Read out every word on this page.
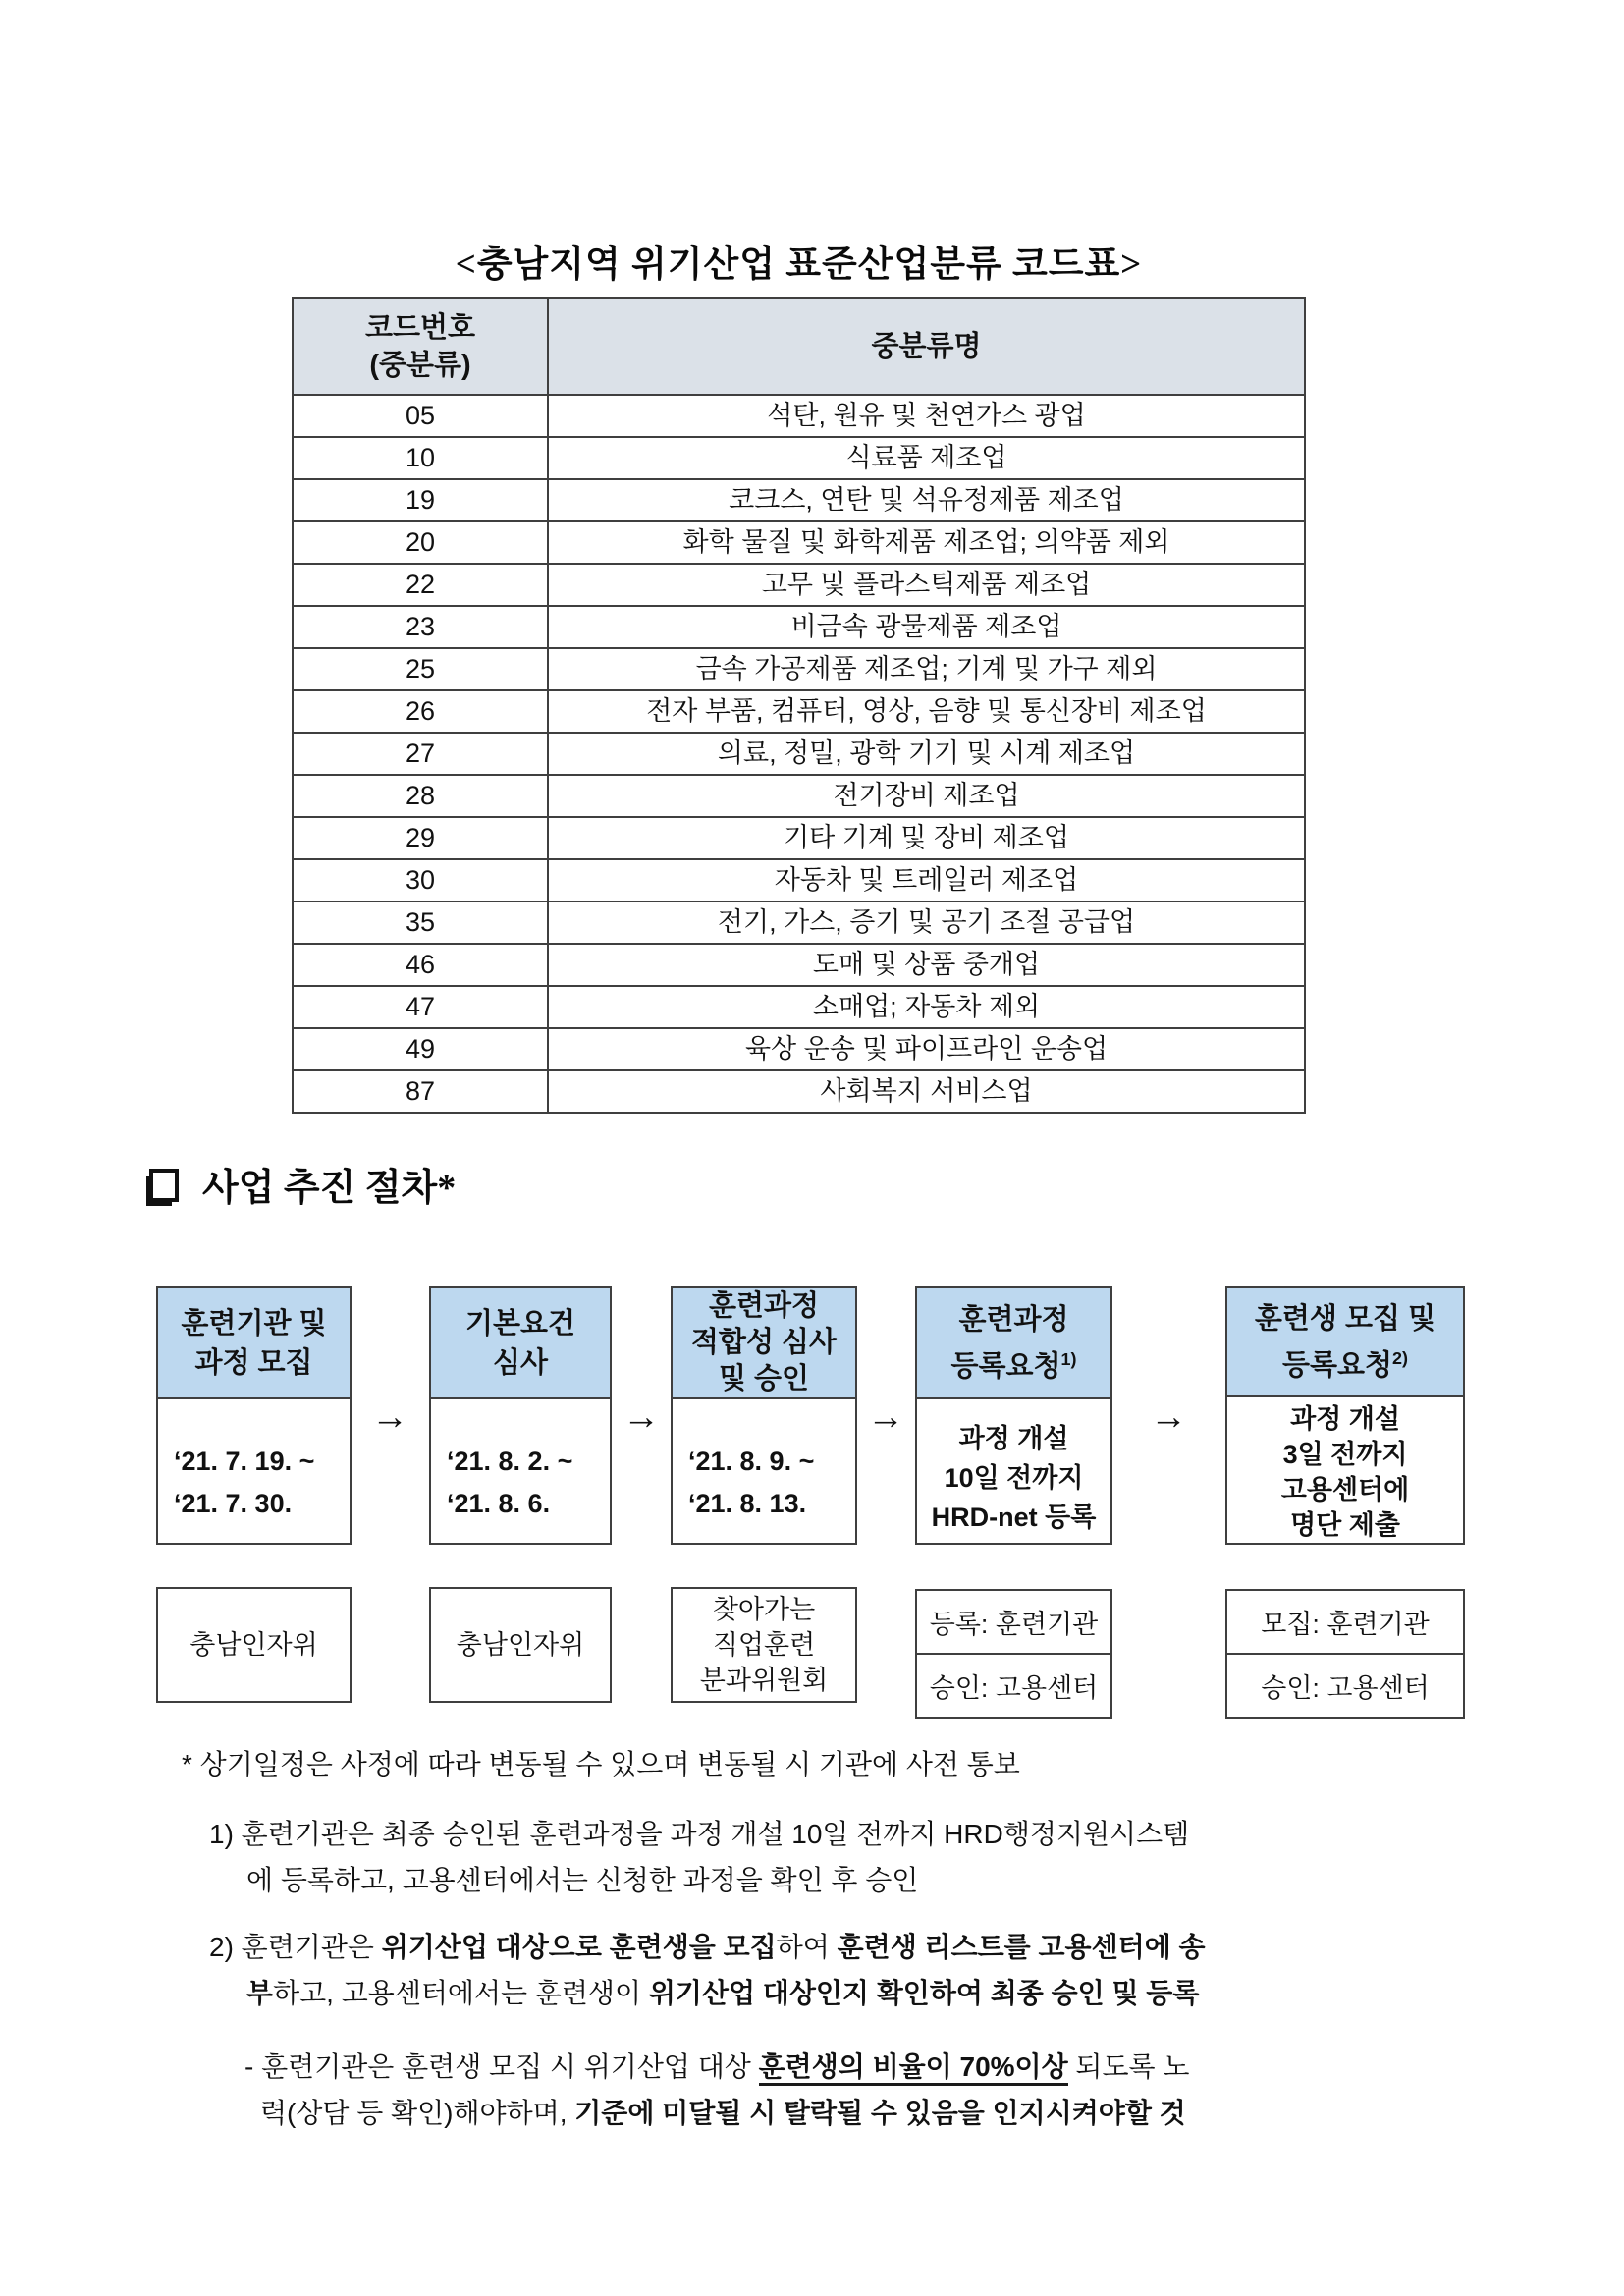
<충남지역 위기산업 표준산업분류 코드표>
코드번호
(중분류)	중분류명
05	석탄, 원유 및 천연가스 광업
10	식료품 제조업
19	코크스, 연탄 및 석유정제품 제조업
20	화학 물질 및 화학제품 제조업; 의약품 제외
22	고무 및 플라스틱제품 제조업
23	비금속 광물제품 제조업
25	금속 가공제품 제조업; 기계 및 가구 제외
26	전자 부품, 컴퓨터, 영상, 음향 및 통신장비 제조업
27	의료, 정밀, 광학 기기 및 시계 제조업
28	전기장비 제조업
29	기타 기계 및 장비 제조업
30	자동차 및 트레일러 제조업
35	전기, 가스, 증기 및 공기 조절 공급업
46	도매 및 상품 중개업
47	소매업; 자동차 제외
49	육상 운송 및 파이프라인 운송업
87	사회복지 서비스업
사업 추진 절차*
훈련기관 및
과정 모집
‘21. 7. 19. ~
‘21. 7. 30.
기본요건
심사
‘21. 8. 2. ~
‘21. 8. 6.
훈련과정
적합성 심사
및 승인
‘21. 8. 9. ~
‘21. 8. 13.
훈련과정
등록요청$^{1)}$
과정 개설
10일 전까지
HRD-net 등록
훈련생 모집 및
등록요청$^{2)}$
과정 개설
3일 전까지
고용센터에
명단 제출
→	→	→	→
충남인자위	충남인자위
찾아가는
직업훈련
분과위원회
등록: 훈련기관
승인: 고용센터
모집: 훈련기관
승인: 고용센터
* 상기일정은 사정에 따라 변동될 수 있으며 변동될 시 기관에 사전 통보
1) 훈련기관은 최종 승인된 훈련과정을 과정 개설 10일 전까지 HRD행정지원시스템
에 등록하고, 고용센터에서는 신청한 과정을 확인 후 승인
2) 훈련기관은 위기산업 대상으로 훈련생을 모집하여 훈련생 리스트를 고용센터에 송
부하고, 고용센터에서는 훈련생이 위기산업 대상인지 확인하여 최종 승인 및 등록
- 훈련기관은 훈련생 모집 시 위기산업 대상 훈련생의 비율이 70%이상 되도록 노
력(상담 등 확인)해야하며, 기준에 미달될 시 탈락될 수 있음을 인지시켜야할 것
